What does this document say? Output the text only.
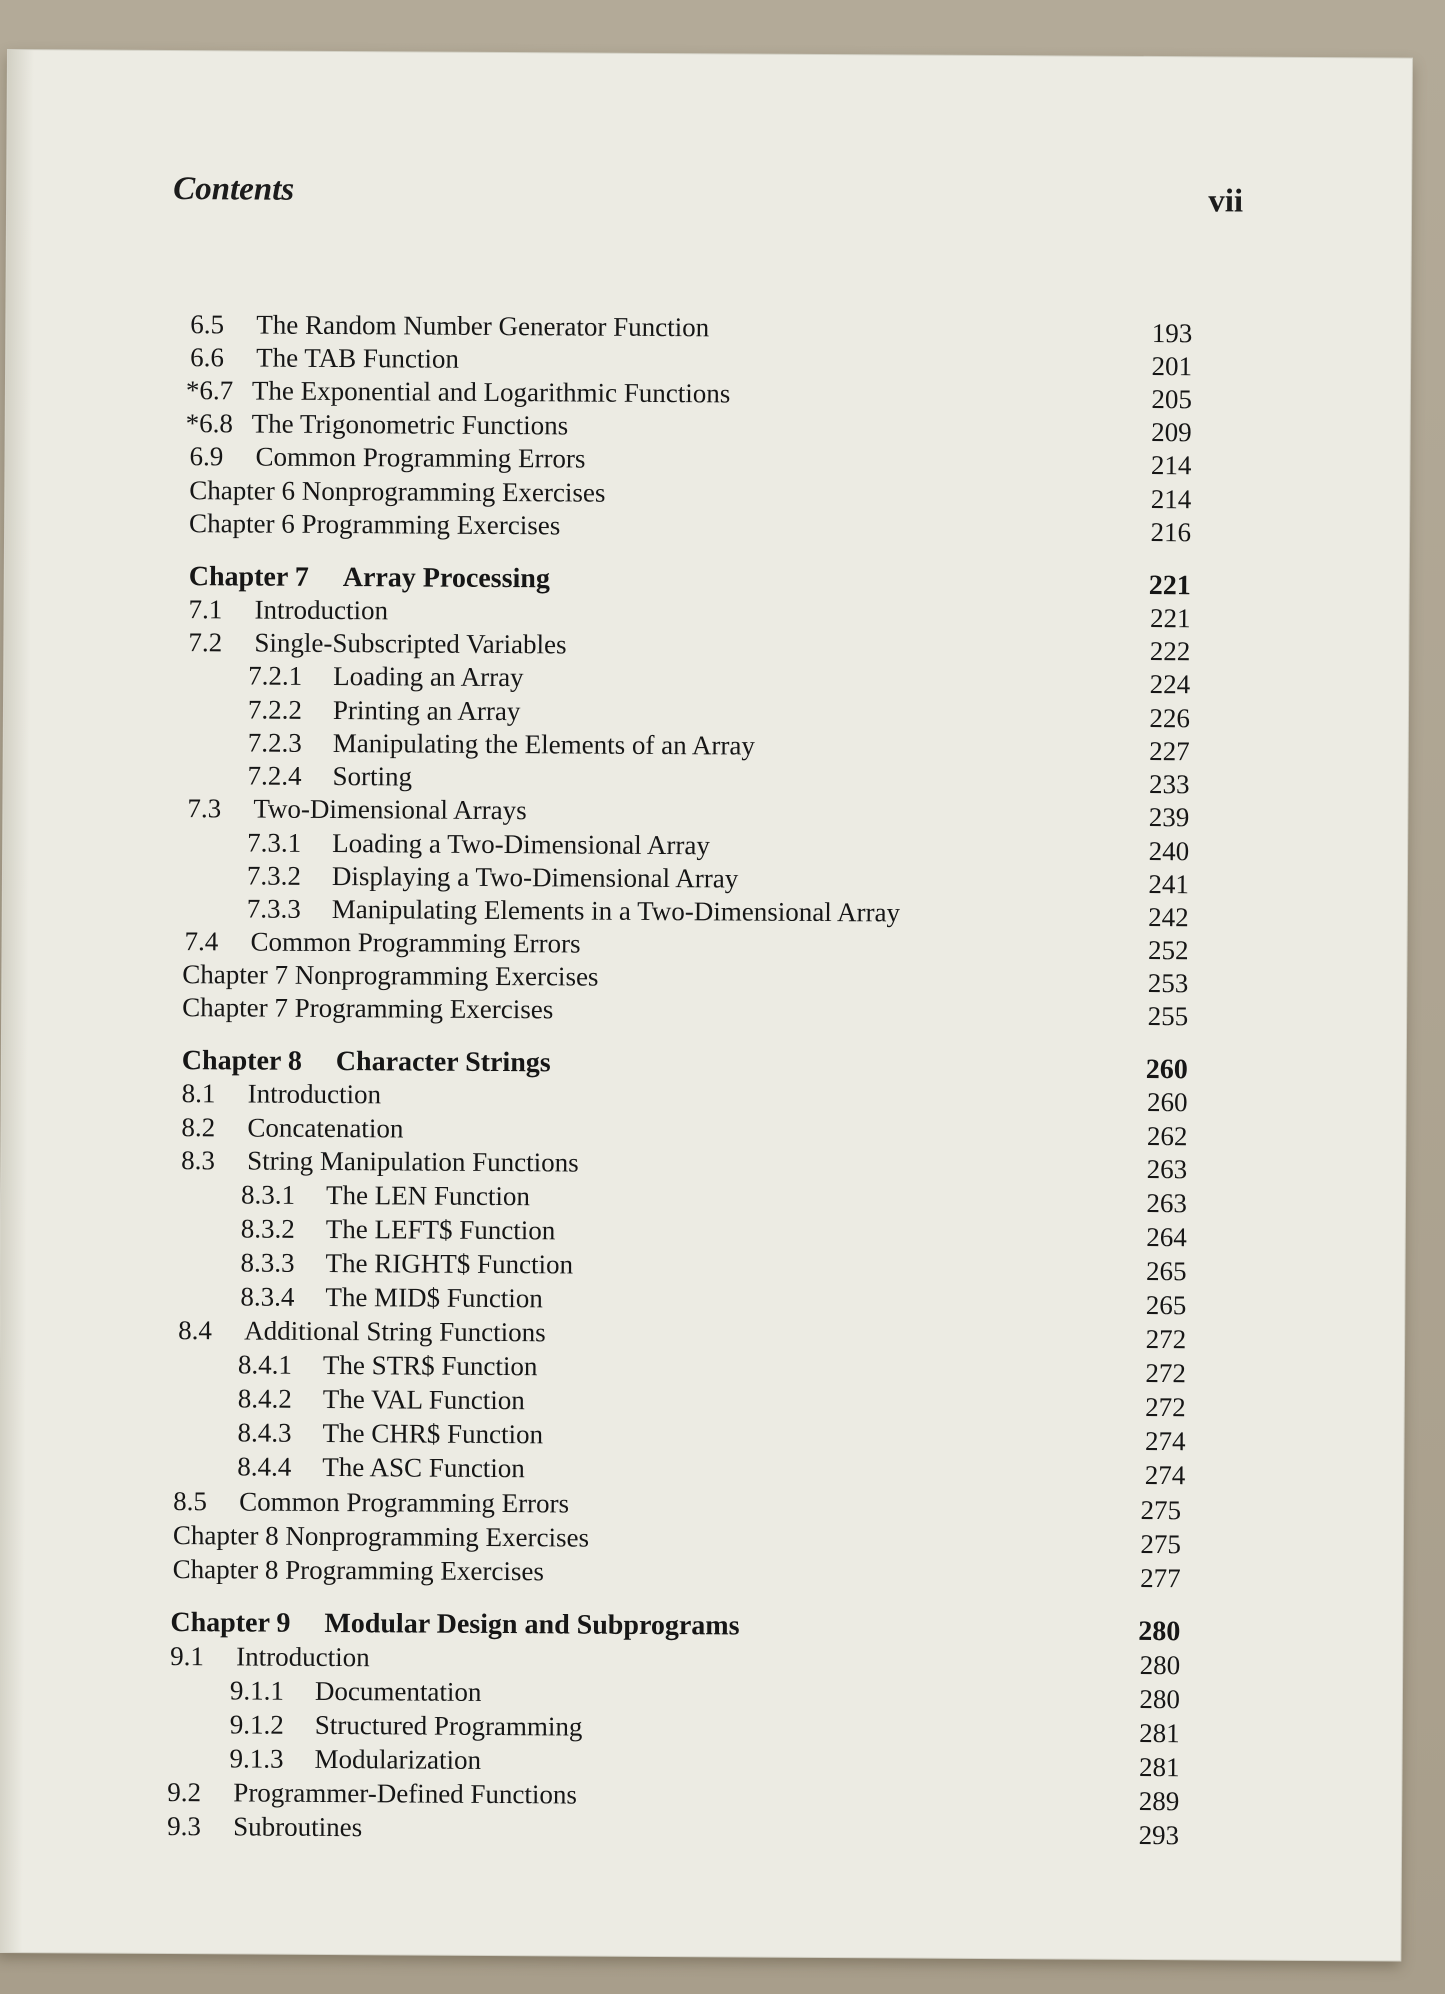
Contents	vii
6.5 The Random Number Generator Function	193
6.6 The TAB Function	201
*6.7 The Exponential and Logarithmic Functions	205
*6.8 The Trigonometric Functions	209
6.9 Common Programming Errors	214
Chapter 6 Nonprogramming Exercises	214
Chapter 6 Programming Exercises	216
Chapter 7 Array Processing	221
7.1 Introduction	221
7.2 Single-Subscripted Variables	222
7.2.1 Loading an Array	224
7.2.2 Printing an Array	226
7.2.3 Manipulating the Elements of an Array	227
7.2.4 Sorting	233
7.3 Two-Dimensional Arrays	239
7.3.1 Loading a Two-Dimensional Array	240
7.3.2 Displaying a Two-Dimensional Array	241
7.3.3 Manipulating Elements in a Two-Dimensional Array	242
7.4 Common Programming Errors	252
Chapter 7 Nonprogramming Exercises	253
Chapter 7 Programming Exercises	255
Chapter 8 Character Strings	260
8.1 Introduction	260
8.2 Concatenation	262
8.3 String Manipulation Functions	263
8.3.1 The LEN Function	263
8.3.2 The LEFT$ Function	264
8.3.3 The RIGHT$ Function	265
8.3.4 The MID$ Function	265
8.4 Additional String Functions	272
8.4.1 The STR$ Function	272
8.4.2 The VAL Function	272
8.4.3 The CHR$ Function	274
8.4.4 The ASC Function	274
8.5 Common Programming Errors	275
Chapter 8 Nonprogramming Exercises	275
Chapter 8 Programming Exercises	277
Chapter 9 Modular Design and Subprograms	280
9.1 Introduction	280
9.1.1 Documentation	280
9.1.2 Structured Programming	281
9.1.3 Modularization	281
9.2 Programmer-Defined Functions	289
9.3 Subroutines	293
